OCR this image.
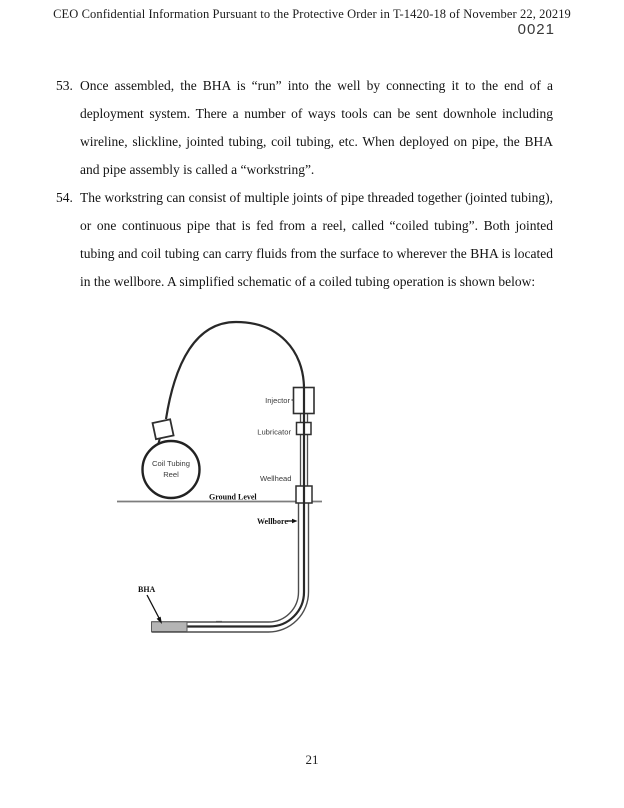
CEO Confidential Information Pursuant to the Protective Order in T-1420-18 of November 22, 20219
0021
53. Once assembled, the BHA is “run” into the well by connecting it to the end of a deployment system. There a number of ways tools can be sent downhole including wireline, slickline, jointed tubing, coil tubing, etc. When deployed on pipe, the BHA and pipe assembly is called a “workstring”.
54. The workstring can consist of multiple joints of pipe threaded together (jointed tubing), or one continuous pipe that is fed from a reel, called “coiled tubing”. Both jointed tubing and coil tubing can carry fluids from the surface to wherever the BHA is located in the wellbore. A simplified schematic of a coiled tubing operation is shown below:
Coil Tubing
Reel
Injector
Lubricator
Wellhead
Ground Level
Wellbore
BHA
21
